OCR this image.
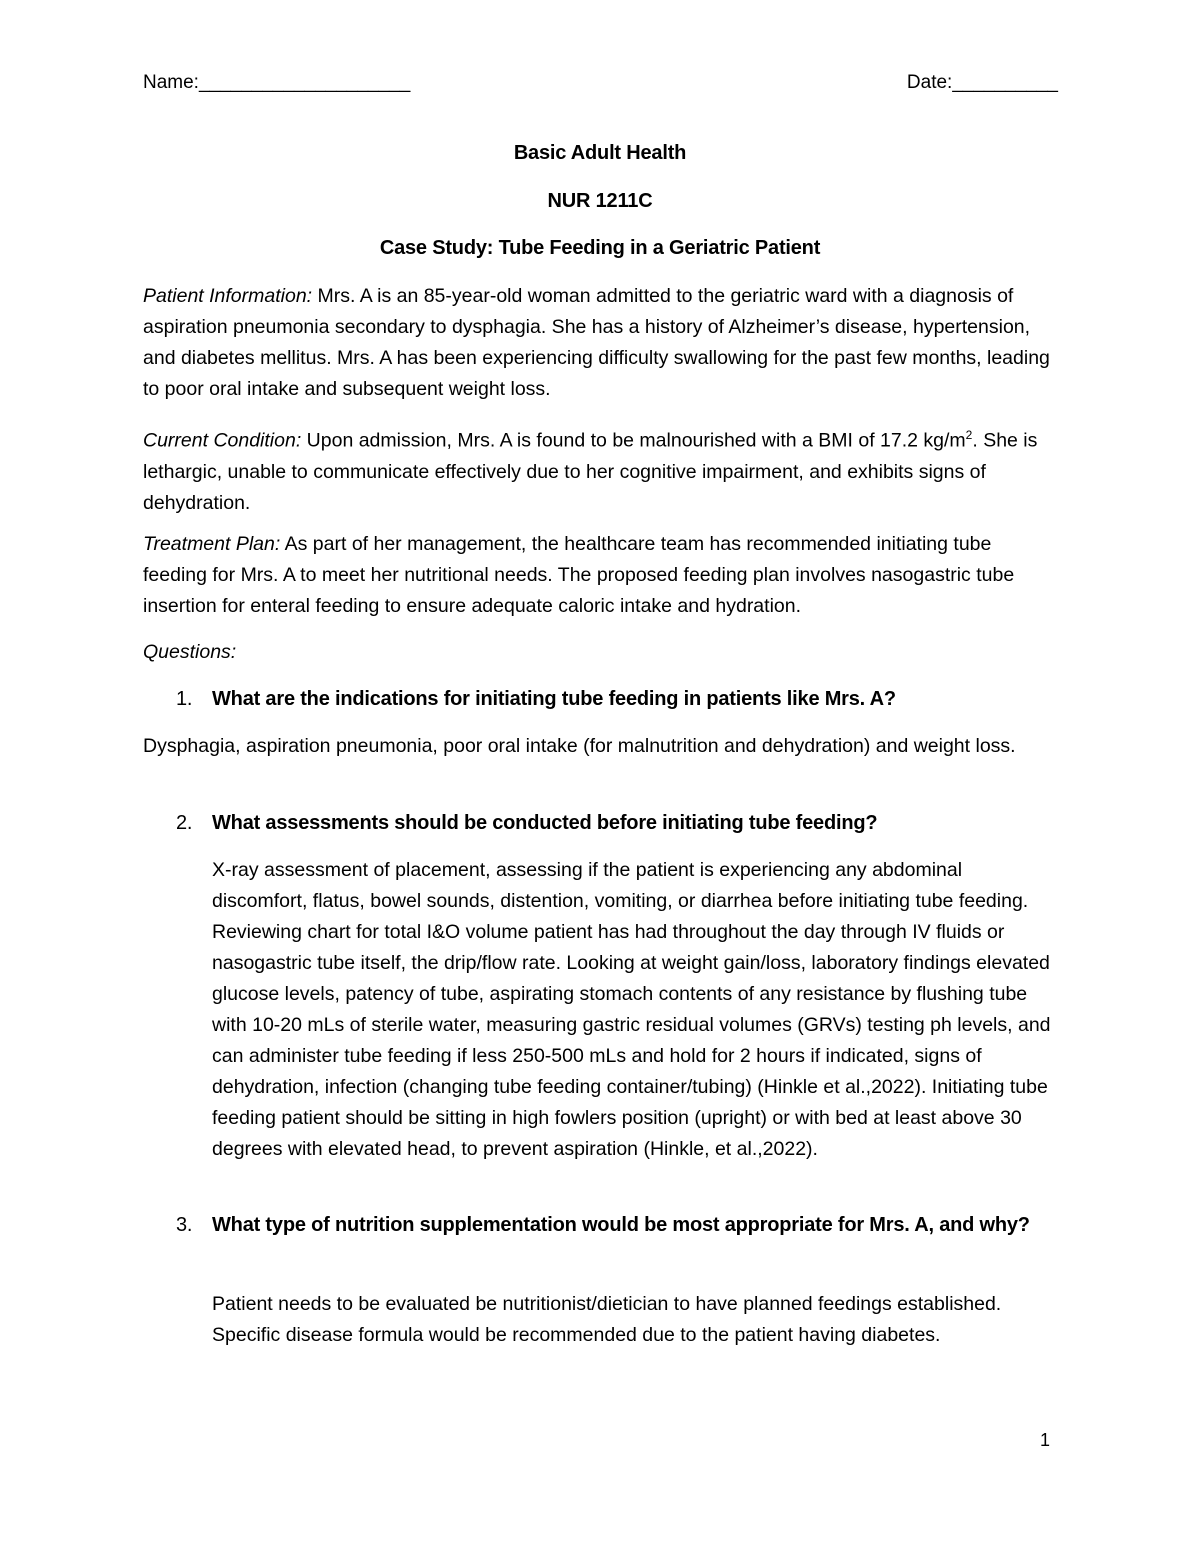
Name:____________________	Date:__________
Basic Adult Health
NUR 1211C
Case Study: Tube Feeding in a Geriatric Patient
Patient Information: Mrs. A is an 85-year-old woman admitted to the geriatric ward with a diagnosis of aspiration pneumonia secondary to dysphagia. She has a history of Alzheimer’s disease, hypertension, and diabetes mellitus. Mrs. A has been experiencing difficulty swallowing for the past few months, leading to poor oral intake and subsequent weight loss.
Current Condition: Upon admission, Mrs. A is found to be malnourished with a BMI of 17.2 $kg/m^2$. She is lethargic, unable to communicate effectively due to her cognitive impairment, and exhibits signs of dehydration.
Treatment Plan: As part of her management, the healthcare team has recommended initiating tube feeding for Mrs. A to meet her nutritional needs. The proposed feeding plan involves nasogastric tube insertion for enteral feeding to ensure adequate caloric intake and hydration.
Questions:
1. What are the indications for initiating tube feeding in patients like Mrs. A?
Dysphagia, aspiration pneumonia, poor oral intake (for malnutrition and dehydration) and weight loss.
2. What assessments should be conducted before initiating tube feeding?
X-ray assessment of placement, assessing if the patient is experiencing any abdominal discomfort, flatus, bowel sounds, distention, vomiting, or diarrhea before initiating tube feeding. Reviewing chart for total I&O volume patient has had throughout the day through IV fluids or nasogastric tube itself, the drip/flow rate. Looking at weight gain/loss, laboratory findings elevated glucose levels, patency of tube, aspirating stomach contents of any resistance by flushing tube with 10-20 mLs of sterile water, measuring gastric residual volumes (GRVs) testing ph levels, and can administer tube feeding if less 250-500 mLs and hold for 2 hours if indicated, signs of dehydration, infection (changing tube feeding container/tubing) (Hinkle et al.,2022). Initiating tube feeding patient should be sitting in high fowlers position (upright) or with bed at least above 30 degrees with elevated head, to prevent aspiration (Hinkle, et al.,2022).
3. What type of nutrition supplementation would be most appropriate for Mrs. A, and why?
Patient needs to be evaluated be nutritionist/dietician to have planned feedings established. Specific disease formula would be recommended due to the patient having diabetes.
1
